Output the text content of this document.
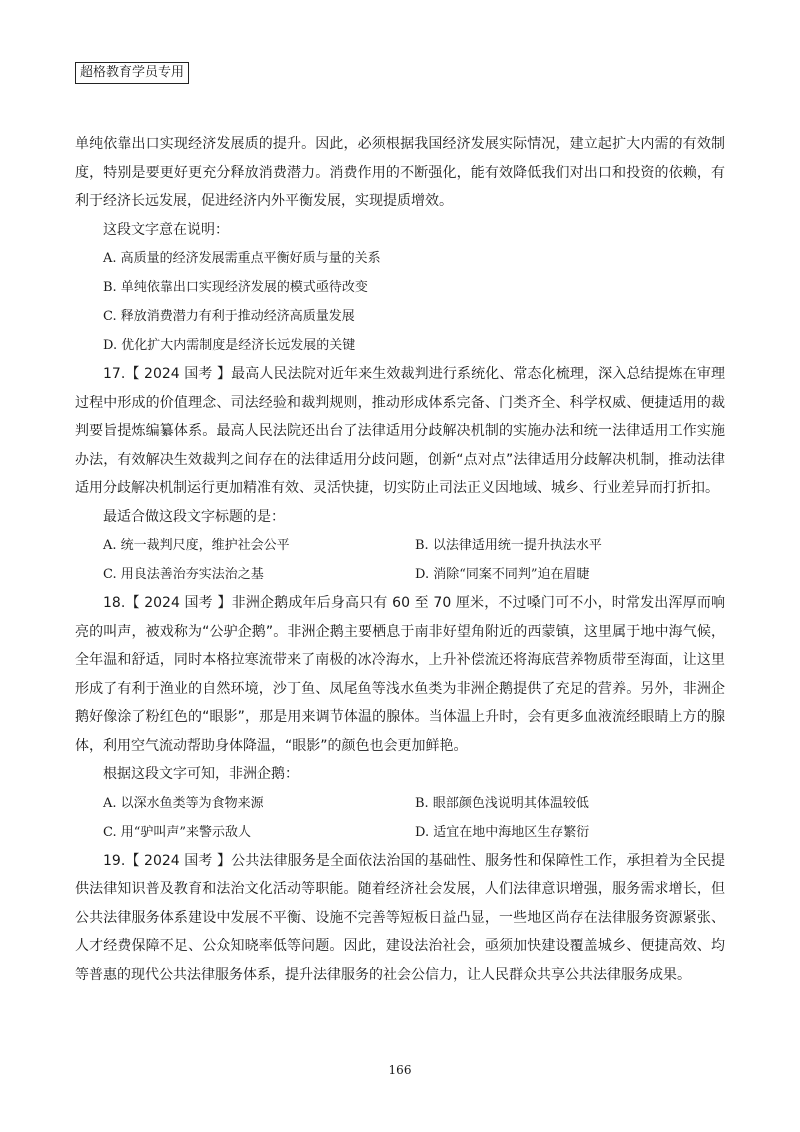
超格教育学员专用

单纯依靠出口实现经济发展质的提升。因此，必须根据我国经济发展实际情况，建立起扩大内需的有效制度，特别是要更好更充分释放消费潜力。消费作用的不断强化，能有效降低我们对出口和投资的依赖，有利于经济长远发展，促进经济内外平衡发展，实现提质增效。

这段文字意在说明：

A. 高质量的经济发展需重点平衡好质与量的关系

B. 单纯依靠出口实现经济发展的模式亟待改变

C. 释放消费潜力有利于推动经济高质量发展

D. 优化扩大内需制度是经济长远发展的关键

17.【 2024 国考 】最高人民法院对近年来生效裁判进行系统化、常态化梳理，深入总结提炼在审理过程中形成的价值理念、司法经验和裁判规则，推动形成体系完备、门类齐全、科学权威、便捷适用的裁判要旨提炼编纂体系。最高人民法院还出台了法律适用分歧解决机制的实施办法和统一法律适用工作实施办法，有效解决生效裁判之间存在的法律适用分歧问题，创新“点对点”法律适用分歧解决机制，推动法律适用分歧解决机制运行更加精准有效、灵活快捷，切实防止司法正义因地域、城乡、行业差异而打折扣。

最适合做这段文字标题的是：

A. 统一裁判尺度，维护社会公平	B. 以法律适用统一提升执法水平
C. 用良法善治夯实法治之基	D. 消除“同案不同判”迫在眉睫

18.【 2024 国考 】非洲企鹅成年后身高只有 60 至 70 厘米，不过嗓门可不小，时常发出浑厚而响亮的叫声，被戏称为“公驴企鹅”。非洲企鹅主要栖息于南非好望角附近的西蒙镇，这里属于地中海气候，全年温和舒适，同时本格拉寒流带来了南极的冰冷海水，上升补偿流还将海底营养物质带至海面，让这里形成了有利于渔业的自然环境，沙丁鱼、凤尾鱼等浅水鱼类为非洲企鹅提供了充足的营养。另外，非洲企鹅好像涂了粉红色的“眼影”，那是用来调节体温的腺体。当体温上升时，会有更多血液流经眼睛上方的腺体，利用空气流动帮助身体降温，“眼影”的颜色也会更加鲜艳。

根据这段文字可知，非洲企鹅：

A. 以深水鱼类等为食物来源	B. 眼部颜色浅说明其体温较低
C. 用“驴叫声”来警示敌人	D. 适宜在地中海地区生存繁衍

19.【 2024 国考 】公共法律服务是全面依法治国的基础性、服务性和保障性工作，承担着为全民提供法律知识普及教育和法治文化活动等职能。随着经济社会发展，人们法律意识增强，服务需求增长，但公共法律服务体系建设中发展不平衡、设施不完善等短板日益凸显，一些地区尚存在法律服务资源紧张、人才经费保障不足、公众知晓率低等问题。因此，建设法治社会，亟须加快建设覆盖城乡、便捷高效、均等普惠的现代公共法律服务体系，提升法律服务的社会公信力，让人民群众共享公共法律服务成果。

166
